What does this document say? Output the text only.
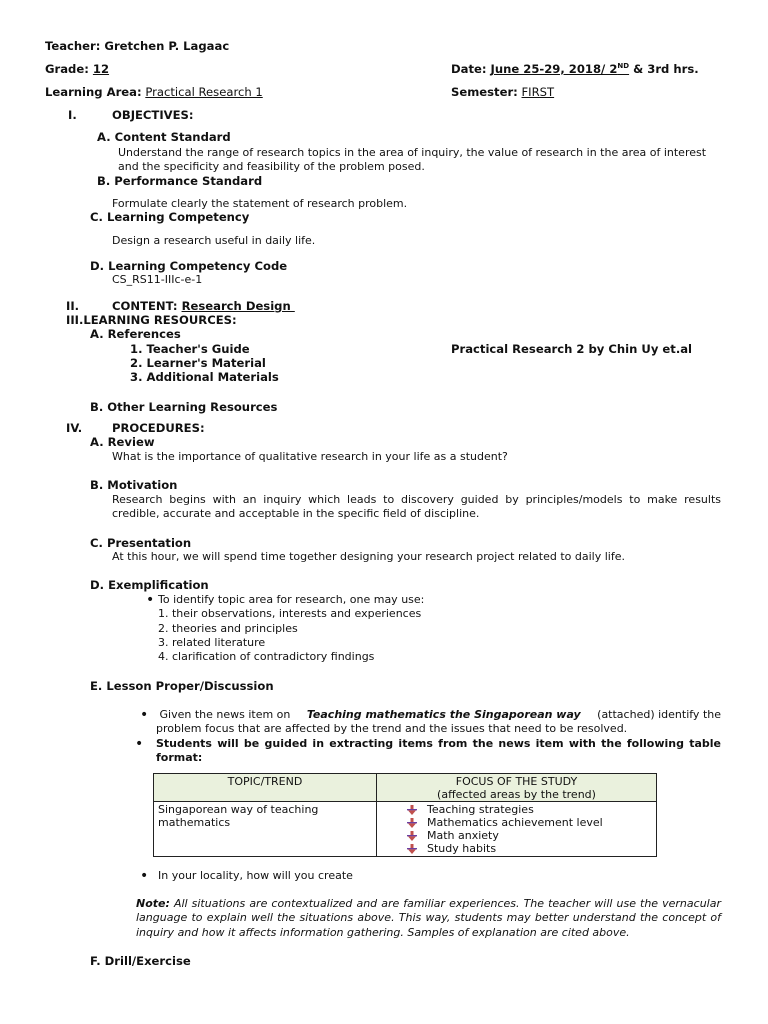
Teacher: Gretchen P. Lagaac
Grade: 12	Date: June 25-29, 2018/ 2ND & 3rd hrs.
Learning Area: Practical Research 1	Semester: FIRST
I.	OBJECTIVES:
A. Content Standard
Understand the range of research topics in the area of inquiry, the value of research in the area of interest
and the specificity and feasibility of the problem posed.
B. Performance Standard
Formulate clearly the statement of research problem.
C. Learning Competency
Design a research useful in daily life.
D. Learning Competency Code
CS_RS11-IIIc-e-1
II.	CONTENT: Research Design
III.LEARNING RESOURCES:
A. References
1. Teacher's Guide	Practical Research 2 by Chin Uy et.al
2. Learner's Material
3. Additional Materials
B. Other Learning Resources
IV.	PROCEDURES:
A. Review
What is the importance of qualitative research in your life as a student?
B. Motivation
Research begins with an inquiry which leads to discovery guided by principles/models to make results
credible, accurate and acceptable in the specific field of discipline.
C. Presentation
At this hour, we will spend time together designing your research project related to daily life.
D. Exemplification
• To identify topic area for research, one may use:
1. their observations, interests and experiences
2. theories and principles
3. related literature
4. clarification of contradictory findings
E. Lesson Proper/Discussion
• Given the news item on Teaching mathematics the Singaporean way (attached) identify the
problem focus that are affected by the trend and the issues that need to be resolved.
• Students will be guided in extracting items from the news item with the following table
format:
TOPIC/TREND	FOCUS OF THE STUDY
(affected areas by the trend)

Singaporean way of teaching mathematics	Teaching strategies
Mathematics achievement level
Math anxiety
Study habits
• In your locality, how will you create
Note: All situations are contextualized and are familiar experiences. The teacher will use the vernacular
language to explain well the situations above. This way, students may better understand the concept of
inquiry and how it affects information gathering. Samples of explanation are cited above.
F. Drill/Exercise
